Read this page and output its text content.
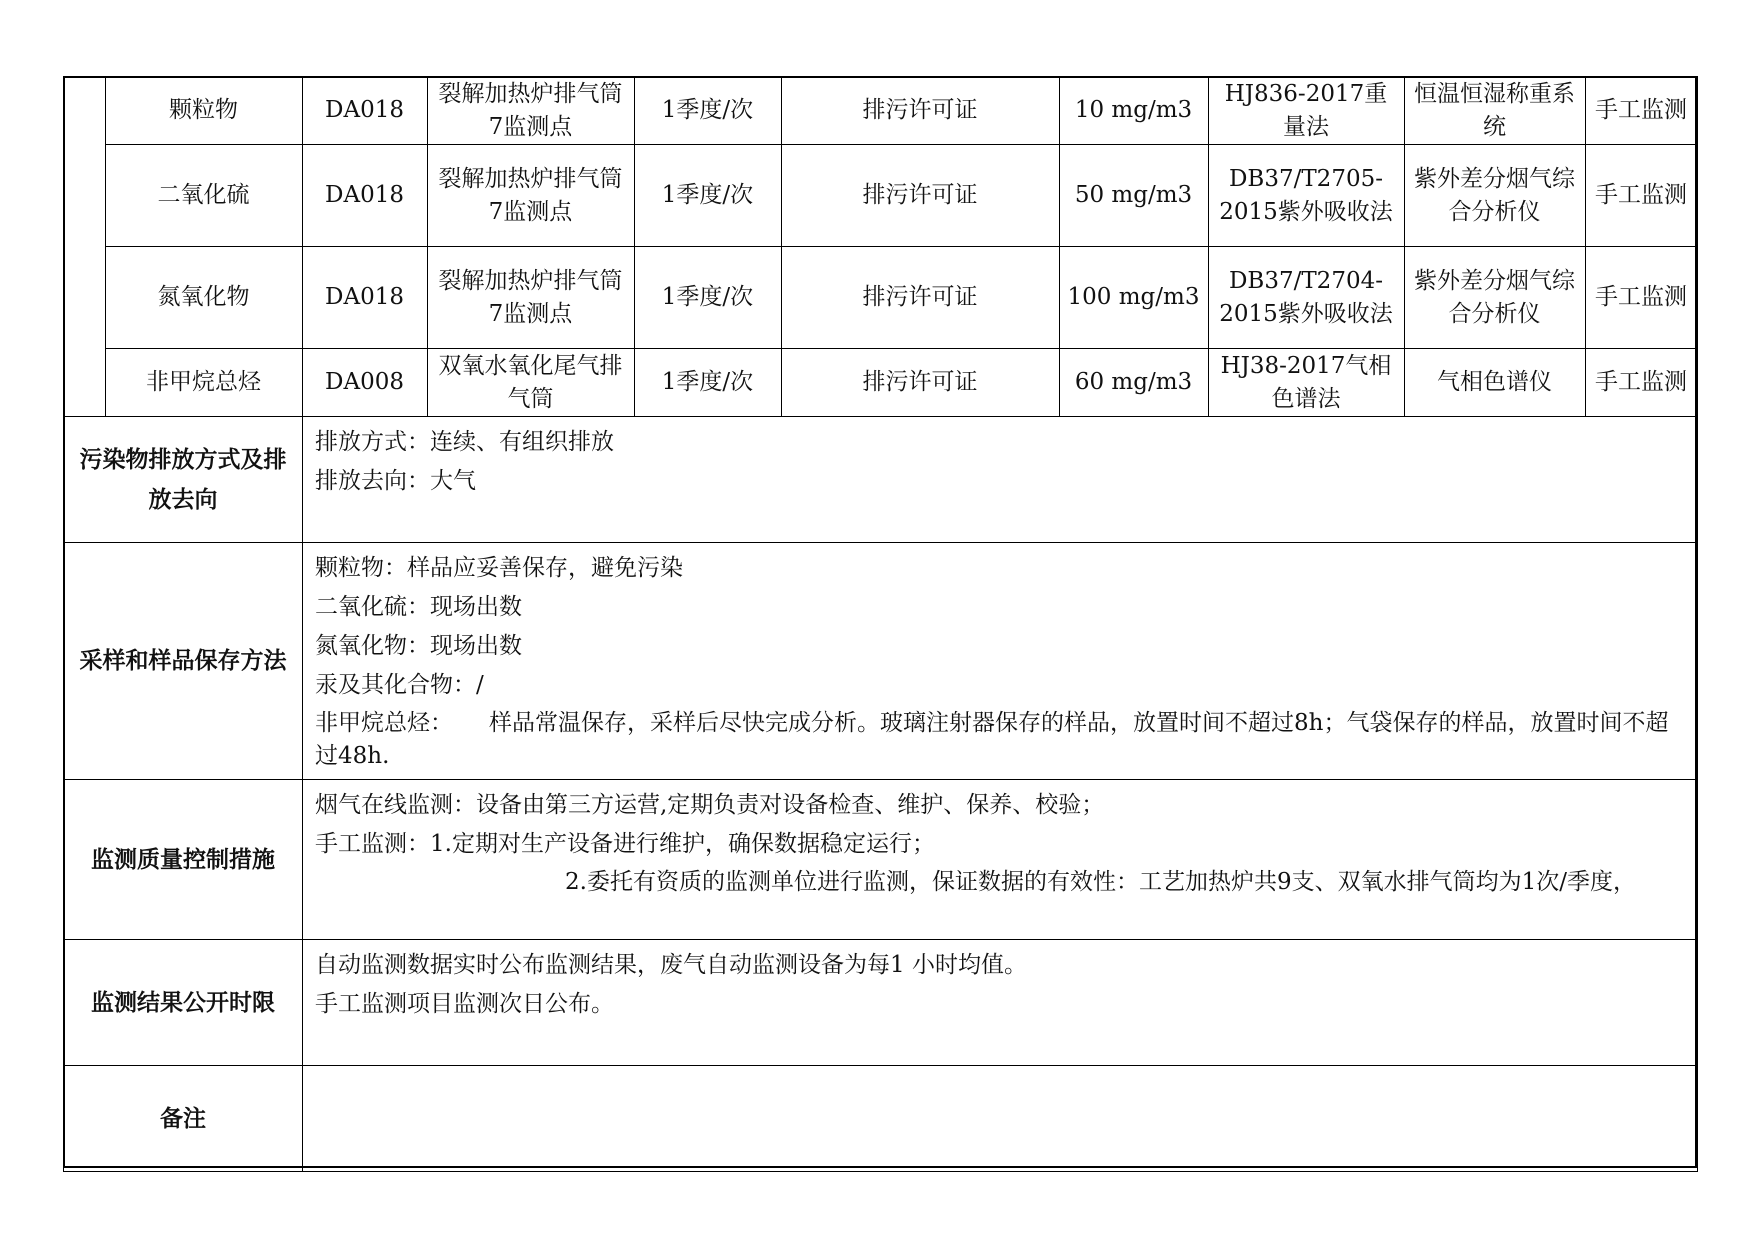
	颗粒物	DA018	裂解加热炉排气筒7监测点	1季度/次	排污许可证	10 mg/m3	HJ836-2017重量法	恒温恒湿称重系统	手工监测
	二氧化硫	DA018	裂解加热炉排气筒7监测点	1季度/次	排污许可证	50 mg/m3	DB37/T2705-2015紫外吸收法	紫外差分烟气综合分析仪	手工监测
	氮氧化物	DA018	裂解加热炉排气筒7监测点	1季度/次	排污许可证	100 mg/m3	DB37/T2704-2015紫外吸收法	紫外差分烟气综合分析仪	手工监测
	非甲烷总烃	DA008	双氧水氧化尾气排气筒	1季度/次	排污许可证	60 mg/m3	HJ38-2017气相色谱法	气相色谱仪	手工监测
污染物排放方式及排放去向	排放方式：连续、有组织排放
排放去向：大气

采样和样品保存方法	颗粒物：样品应妥善保存，避免污染
二氧化硫：现场出数
氮氧化物：现场出数
汞及其化合物：/
非甲烷总烃： 样品常温保存，采样后尽快完成分析。玻璃注射器保存的样品，放置时间不超过8h；气袋保存的样品，放置时间不超过48h.

监测质量控制措施	烟气在线监测：设备由第三方运营,定期负责对设备检查、维护、保养、校验；
手工监测：1.定期对生产设备进行维护，确保数据稳定运行；
2.委托有资质的监测单位进行监测，保证数据的有效性：工艺加热炉共9支、双氧水排气筒均为1次/季度，

监测结果公开时限	自动监测数据实时公布监测结果，废气自动监测设备为每1 小时均值。
手工监测项目监测次日公布。

备注	
